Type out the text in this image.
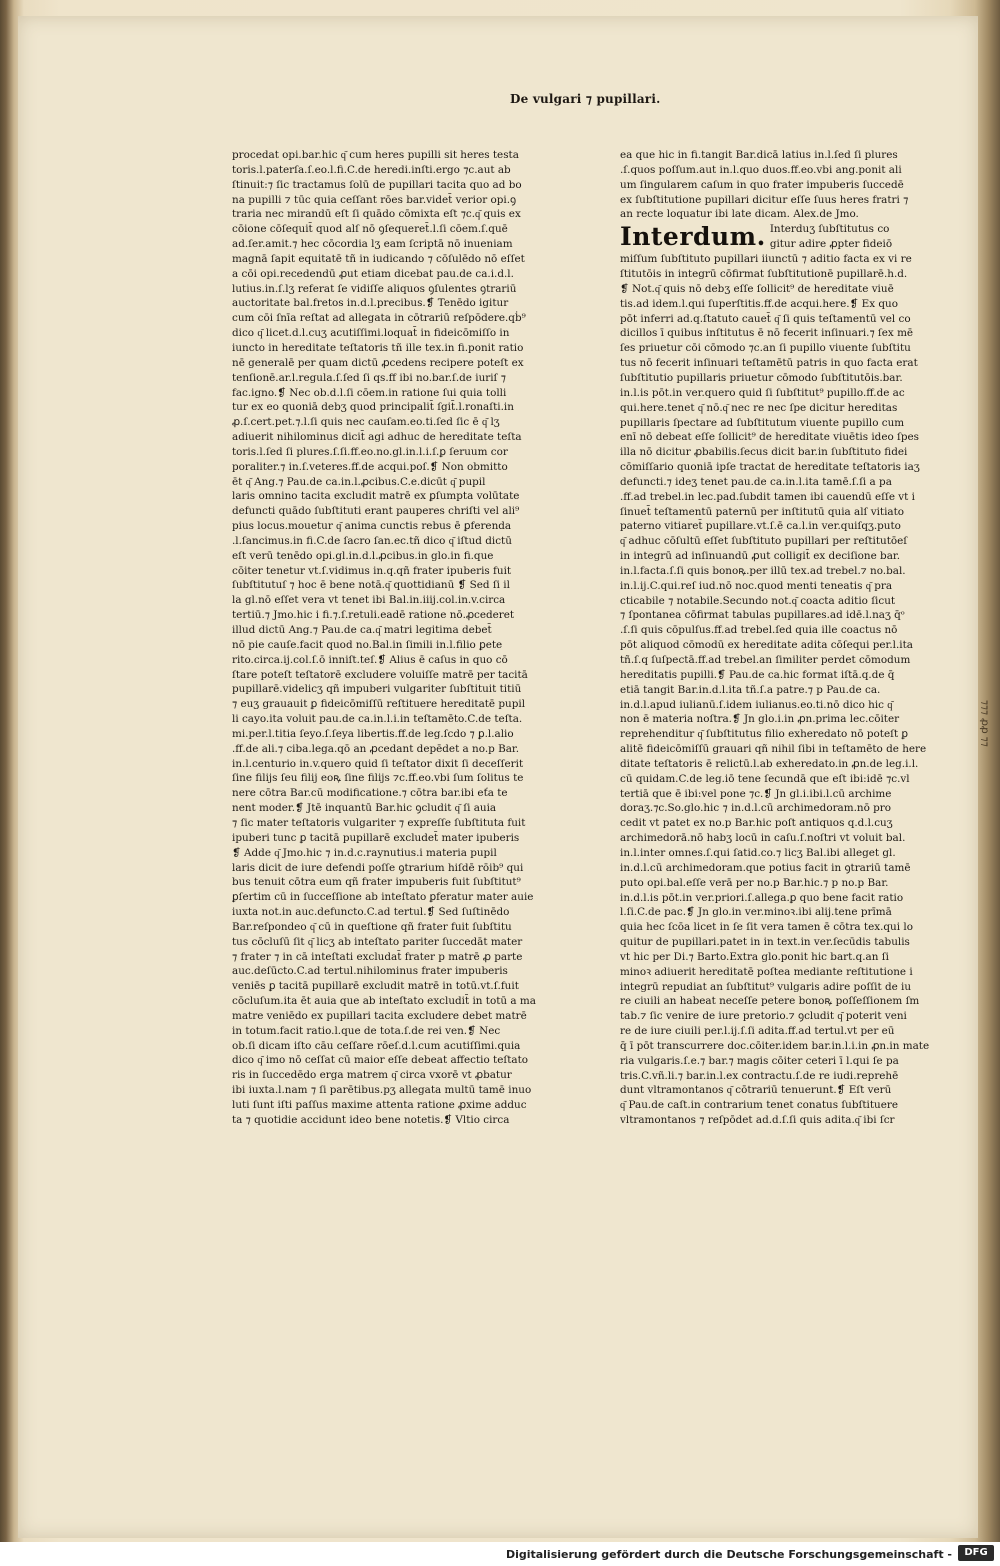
De vulgari ⁊ pupillari.
procedat opi.bar.hic q͂ cum heres pupilli sit heres testa
toris.l.paterſa.ſ.eo.l.fi.C.de heredi.inſti.ergo ⁊c.aut ab
ſtinuit:⁊ ſic tractamus ſolū de pupillari tacita quo ad bo
na pupilli ⁊ tūc quia ceſſant rōes bar.videt̄ verior opi.ꝯ
traria nec mirandū eſt ſi quādo cōmixta eſt ⁊c.q͂ quis ex
cōione cōſequit̄ quod alſ nō ꝯſequeret̄.l.ſi cōem.ſ.quē
ad.ſer.amit.⁊ hec cōcordia lʒ eam ſcriptā nō inueniam
magnā ſapit equitatē tñ in iudicando ⁊ cōſulēdo nō eſſet
a cōi opi.recedendū ꝓut etiam dicebat pau.de ca.i.d.l.
lutius.in.ſ.lʒ referat ſe vidiſſe aliquos ꝯſulentes ꝯtrariū
auctoritate bal.fretos in.d.l.precibus.❡ Tenēdo igitur
cum cōi ſnīa reſtat ad allegata in cōtrariū reſpōdere.qḃ⁹
dico q͂ licet.d.l.cuʒ acutiſſimi.loquat̄ in fideicōmiſſo in
iuncto in hereditate teſtatoris tñ ille tex.in fi.ponit ratio
nē generalē per quam dictū ꝓcedens recipere poteſt ex
tenſionē.ar.l.regula.ſ.ſed ſi qs.ff ibi no.bar.ſ.de iuriſ ⁊
fac.igno.❡ Nec ob.d.l.ſi cōem.in ratione ſui quia tolli
tur ex eo quoniā debʒ quod principalit̄ ſgit̄.l.ronaſti.in
ꝓ.ſ.cert.pet.⁊.l.ſi quis nec cauſam.eo.ti.ſed ſic ē q͂ lʒ
adiuerit nihilominus dicit̄ agi adhuc de hereditate teſta
toris.l.ſed ſi plures.ſ.ſi.ff.eo.no.gl.in.l.i.ſ.ꝑ ſeruum cor
poraliter.⁊ in.ſ.veteres.ff.de acqui.poſ.❡ Non obmitto
ēt q͂ Ang.⁊ Pau.de ca.in.l.ꝓcibus.C.e.dicūt q͂ pupil
laris omnino tacita excludit matrē ex ꝑſumpta volūtate
defuncti quādo ſubſtituti erant pauperes chriſti vel ali⁹
pius locus.mouetur q͂ anima cunctis rebus ē ꝑferenda
.l.ſancimus.in fi.C.de ſacro ſan.ec.tñ dico q͂ iſtud dictū
eſt verū tenēdo opi.gl.in.d.l.ꝓcibus.in glo.in fi.que
cōiter tenetur vt.ſ.vidimus in.q.qñ frater ipuberis fuit
ſubſtitutuſ ⁊ hoc ē bene notā.q͂ quottidianū ❡ Sed ſi il
la gl.nō eſſet vera vt tenet ibi Bal.in.iiij.col.in.v.circa
tertiū.⁊ Jmo.hic i fi.⁊.ſ.retuli.eadē ratione nō.ꝓcederet
illud dictū Ang.⁊ Pau.de ca.q͂ matri legitima debet̄
nō pie cauſe.facit quod no.Bal.in ſimili in.l.filio ꝑete
rito.circa.ij.col.ſ.ō inniſt.teſ.❡ Alius ē caſus in quo cō
ſtare poteſt teſtatorē excludere voluiſſe matrē per tacitā
pupillarē.videlicʒ qñ impuberi vulgariter ſubſtituit titiū
⁊ euʒ grauauit ꝑ fideicōmiſſū reſtituere hereditatē pupil
li cayo.ita voluit pau.de ca.in.l.i.in teſtamēto.C.de teſta.
mi.per.l.titia ſeyo.ſ.ſeya libertis.ff.de leg.ſcdo ⁊ ꝑ.l.alio
.ff.de ali.⁊ ciba.lega.qō an ꝓcedant depēdet a no.p Bar.
in.l.centurio in.v.quero quid ſi teſtator dixit ſi deceſſerit
ſine filijs ſeu filij eoꝶ ſine filijs ⁊c.ff.eo.vbi ſum ſolitus te
nere cōtra Bar.cū modificatione.⁊ cōtra bar.ibi eťa te
nent moder.❡ Jtē inquantū Bar.hic ꝯcludit q͂ ſi auia
⁊ ſic mater teſtatoris vulgariter ⁊ expreſſe ſubſtituta fuit
ipuberi tunc ꝑ tacitā pupillarē excludet̄ mater ipuberis
❡ Adde q͂ Jmo.hic ⁊ in.d.c.raynutius.i materia pupil
laris dicit de iure defendi poſſe ꝯtrarium hiſdē rōib⁹ qui
bus tenuit cōtra eum qñ frater impuberis fuit ſubſtitut⁹
ꝑſertim cū in ſucceſſione ab inteſtato ꝑferatur mater auie
iuxta not.in auc.defuncto.C.ad tertul.❡ Sed ſuſtinēdo
Bar.reſpondeo q͂ cū in queſtione qñ frater fuit ſubſtitu
tus cōcluſū ſit q͂ licʒ ab inteſtato pariter ſuccedāt mater
⁊ frater ⁊ in cā inteſtati excludat̄ frater p matrē ꝓ parte
auc.deſūcto.C.ad tertul.nihilominus frater impuberis
veniēs ꝑ tacitā pupillarē excludit matrē in totū.vt.ſ.fuit
cōcluſum.ita ēt auia que ab inteſtato excludit̄ in totū a ma
matre veniēdo ex pupillari tacita excludere debet matrē
in totum.facit ratio.l.que de tota.ſ.de rei ven.❡ Nec
ob.ſi dicam iſto cāu ceſſare rōeſ.d.l.cum acutiſſimi.quia
dico q͂ imo nō ceſſat cū maior eſſe debeat affectio teſtato
ris in ſuccedēdo erga matrem q͂ circa vxorē vt ꝓbatur
ibi iuxta.l.nam ⁊ ſi parētibus.pʒ allegata multū tamē inuo
luti ſunt iſti paſſus maxime attenta ratione ꝓxime adduc
ta ⁊ quotidie accidunt ideo bene notetis.❡ Vltio circa
ea que hic in fi.tangit Bar.dicā latius in.l.ſed ſi plures
.ſ.quos poſſum.aut in.l.quo duos.ff.eo.vbi ang.ponit ali
um ſingularem caſum in quo frater impuberis ſuccedē
ex ſubſtitutione pupillari dicitur eſſe ſuus heres fratri ⁊
an recte loquatur ibi late dicam. Alex.de Jmo.
Interdum. Interduʒ ſubſtitutus co
gitur adire ꝓpter fideiō
miſſum ſubſtituto pupillari iiunctū ⁊ aditio facta ex vi re
ſtitutōis in integrū cōfirmat ſubſtitutionē pupillarē.h.d.
❡ Not.q͂ quis nō debʒ eſſe ſollicit⁹ de hereditate viuē
tis.ad idem.l.qui ſuperſtitis.ff.de acqui.here.❡ Ex quo
pōt inferri ad.q.ſtatuto cauet̄ q͂ ſi quis teſtamentū vel co
dicillos ī quibus inſtitutus ē nō fecerit inſinuari.⁊ ſex mē
ſes priuetur cōi cōmodo ⁊c.an ſi pupillo viuente ſubſtitu
tus nō fecerit inſinuari teſtamētū patris in quo facta erat
ſubſtitutio pupillaris priuetur cōmodo ſubſtitutōis.bar.
in.l.is pōt.in ver.quero quid ſi ſubſtitut⁹ pupillo.ff.de ac
qui.here.tenet q͂ nō.q͂ nec re nec ſpe dicitur hereditas
pupillaris ſpectare ad ſubſtitutum viuente pupillo cum
enī nō debeat eſſe ſollicit⁹ de hereditate viuētis ideo ſpes
illa nō dicitur ꝓbabilis.ſecus dicit bar.in ſubſtituto fidei
cōmiſſario quoniā ipſe tractat de hereditate teſtatoris iaʒ
defuncti.⁊ ideʒ tenet pau.de ca.in.l.ita tamē.ſ.ſi a pa
.ff.ad trebel.in lec.pad.ſubdit tamen ibi cauendū eſſe vt i
ſinuet̄ teſtamentū paternū per inſtitutū quia alſ vitiato
paterno vitiaret̄ pupillare.vt.ſ.ē ca.l.in ver.quiſqʒ.puto
q͂ adhuc cōſultū eſſet ſubſtituto pupillari per reſtitutōeſ
in integrū ad inſinuandū ꝓut colligit̄ ex deciſione bar.
in.l.facta.ſ.ſi quis bonoꝶ.per illū tex.ad trebel.⁊ no.bal.
in.l.ij.C.qui.reſ iud.nō noc.quod menti teneatis q͂ pra
cticabile ⁊ notabile.Secundo not.q͂ coacta aditio ſicut
⁊ ſpontanea cōfirmat tabulas pupillares.ad idē.l.naʒ q̄ᵒ
.ſ.ſi quis cōpulſus.ff.ad trebel.ſed quia ille coactus nō
pōt aliquod cōmodū ex hereditate adita cōſequi per.l.ita
tñ.ſ.q ſuſpectā.ff.ad trebel.an ſimiliter perdet cōmodum
hereditatis pupilli.❡ Pau.de ca.hic format iſtā.q.de q̄
etiā tangit Bar.in.d.l.ita tñ.ſ.a patre.⁊ p Pau.de ca.
in.d.l.apud iulianū.ſ.idem iulianus.eo.ti.nō dico hic q͂
non ē materia noſtra.❡ Jn glo.i.in ꝓn.prima lec.cōiter
reprehenditur q͂ ſubſtitutus filio exheredato nō poteſt ꝑ
alitē fideicōmiſſū grauari qñ nihil ſibi in teſtamēto de here
ditate teſtatoris ē relictū.l.ab exheredato.in ꝓn.de leg.i.l.
cū quidam.C.de leg.iō tene ſecundā que eſt ibi:idē ⁊c.vl
tertiā que ē ibi:vel pone ⁊c.❡ Jn gl.i.ibi.l.cū archime
doraʒ.⁊c.So.glo.hic ⁊ in.d.l.cū archimedoram.nō pro
cedit vt patet ex no.p Bar.hic poſt antiquos q.d.l.cuʒ
archimedorā.nō habʒ locū in caſu.ſ.noſtri vt voluit bal.
in.l.inter omnes.ſ.qui ſatid.co.⁊ licʒ Bal.ibi alleget gl.
in.d.l.cū archimedoram.que potius facit in ꝯtrariū tamē
puto opi.bal.eſſe verā per no.p Bar.hic.⁊ p no.p Bar.
in.d.l.is pōt.in ver.priori.ſ.allega.ꝑ quo bene facit ratio
l.ſi.C.de pac.❡ Jn glo.in ver.minoꝛ.ibi alij.tene prīmā
quia hec ſcōa licet in ſe ſit vera tamen ē cōtra tex.qui lo
quitur de pupillari.patet in in text.in ver.ſecūdis tabulis
vt hic per Di.⁊ Barto.Extra glo.ponit hic bart.q.an ſi
minoꝛ adiuerit hereditatē poſtea mediante reſtitutione i
integrū repudiat an ſubſtitut⁹ vulgaris adire poſſit de iu
re ciuili an habeat neceſſe petere bonoꝶ poſſeſſionem ſm
tab.⁊ ſic venire de iure pretorio.⁊ ꝯcludit q͂ poterit veni
re de iure ciuili per.l.ij.ſ.ſi adita.ff.ad tertul.vt per eū
q̄ ī pōt transcurrere doc.cōiter.idem bar.in.l.i.in ꝓn.in mate
ria vulgaris.ſ.e.⁊ bar.⁊ magis cōiter ceteri ī l.qui ſe pa
tris.C.vñ.li.⁊ bar.in.l.ex contractu.ſ.de re iudi.reprehē
dunt vltramontanos q͂ cōtrariū tenuerunt.❡ Eſt verū
q͂ Pau.de caſt.in contrarium tenet conatus ſubſtituere
vltramontanos ⁊ reſpōdet ad.d.ſ.ſi quis adita.q͂ ibi ſcr
⁊⁊⁊ ꝓꝓ ⁊⁊
Digitalisierung gefördert durch die Deutsche Forschungsgemeinschaft -	DFG
